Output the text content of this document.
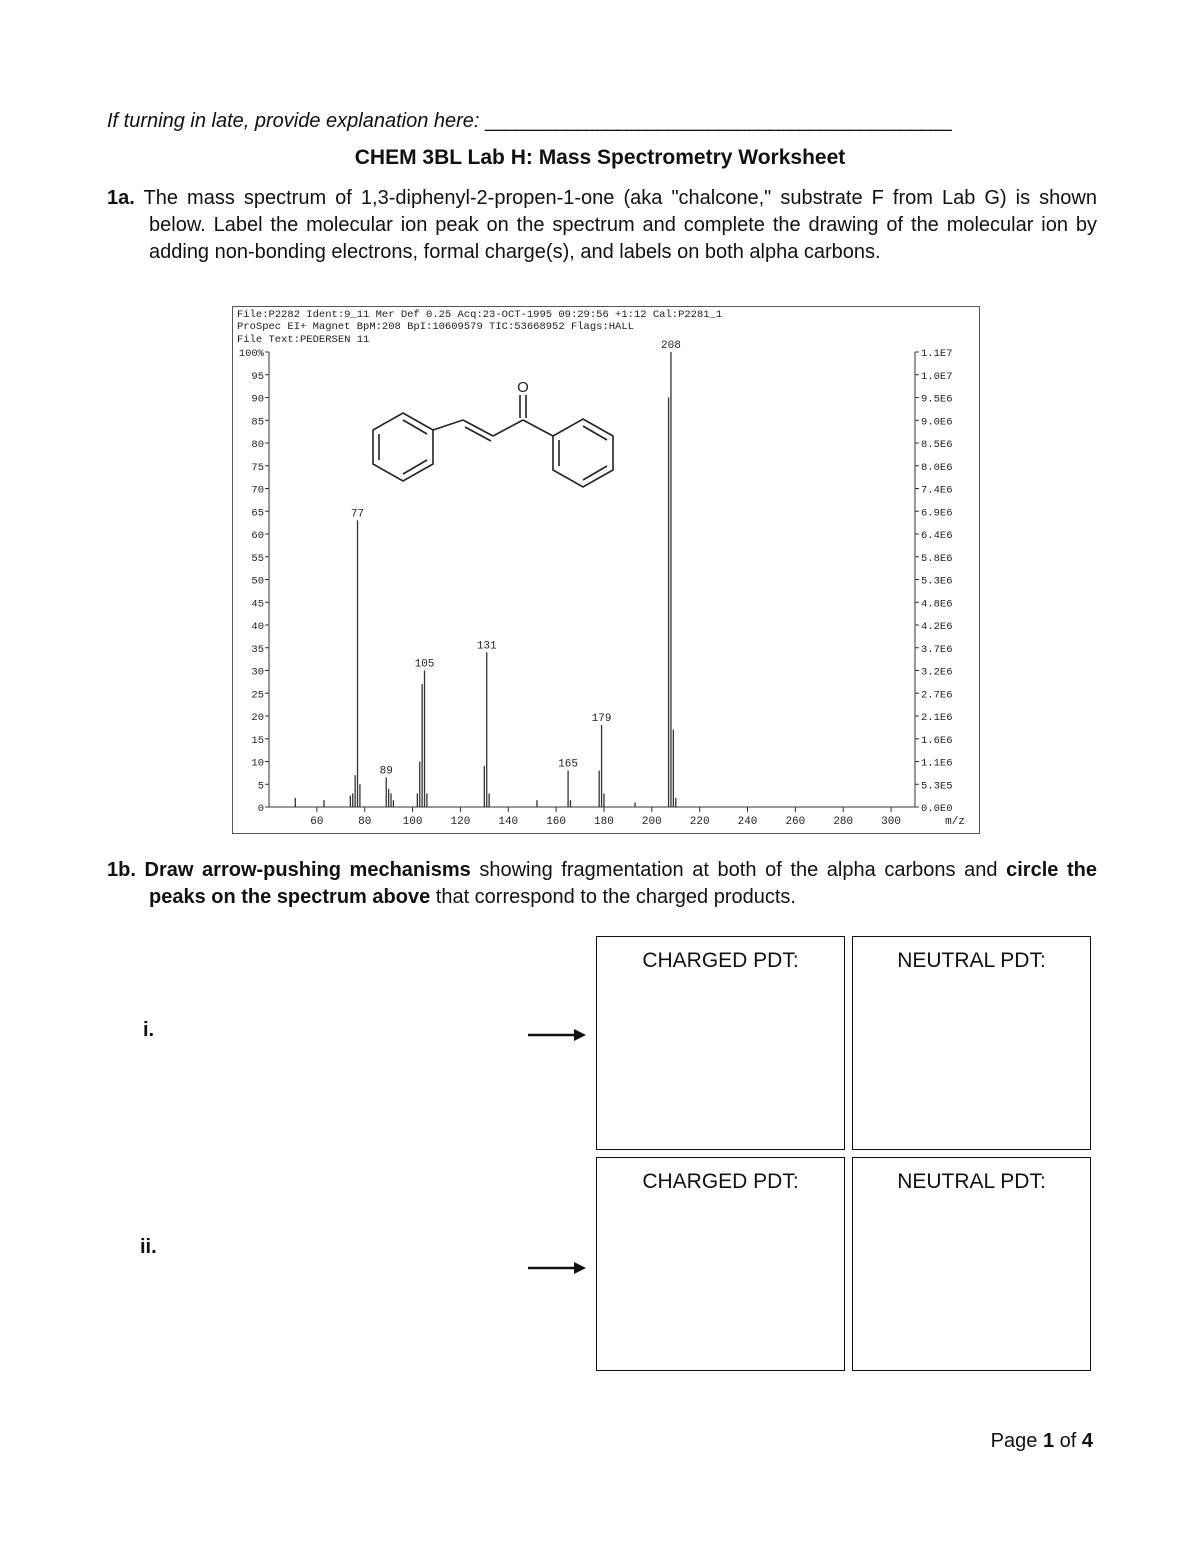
If turning in late, provide explanation here: ______________________________________________
CHEM 3BL Lab H: Mass Spectrometry Worksheet
1a. The mass spectrum of 1,3-diphenyl-2-propen-1-one (aka "chalcone," substrate F from Lab G) is shown below. Label the molecular ion peak on the spectrum and complete the drawing of the molecular ion by adding non-bonding electrons, formal charge(s), and labels on both alpha carbons.
File:P2282 Ident:9_11 Mer Def 0.25 Acq:23-OCT-1995 09:29:56 +1:12 Cal:P2281_1
ProSpec EI+ Magnet BpM:208 BpI:10609579 TIC:53668952 Flags:HALL
File Text:PEDERSEN 11
O
0	0.0E0
5	5.3E5
10	1.1E6
15	1.6E6
20	2.1E6
25	2.7E6
30	3.2E6
35	3.7E6
40	4.2E6
45	4.8E6
50	5.3E6
55	5.8E6
60	6.4E6
65	6.9E6
70	7.4E6
75	8.0E6
80	8.5E6
85	9.0E6
90	9.5E6
95	1.0E7
100%	1.1E7
60	80	100	120	140	160	180	200	220	240	260	280	300	m/z
77
89
105
131
165
179
208
1b. Draw arrow-pushing mechanisms showing fragmentation at both of the alpha carbons and circle the peaks on the spectrum above that correspond to the charged products.
i.
CHARGED PDT:	NEUTRAL PDT:
ii.
CHARGED PDT:	NEUTRAL PDT:
Page 1 of 4
